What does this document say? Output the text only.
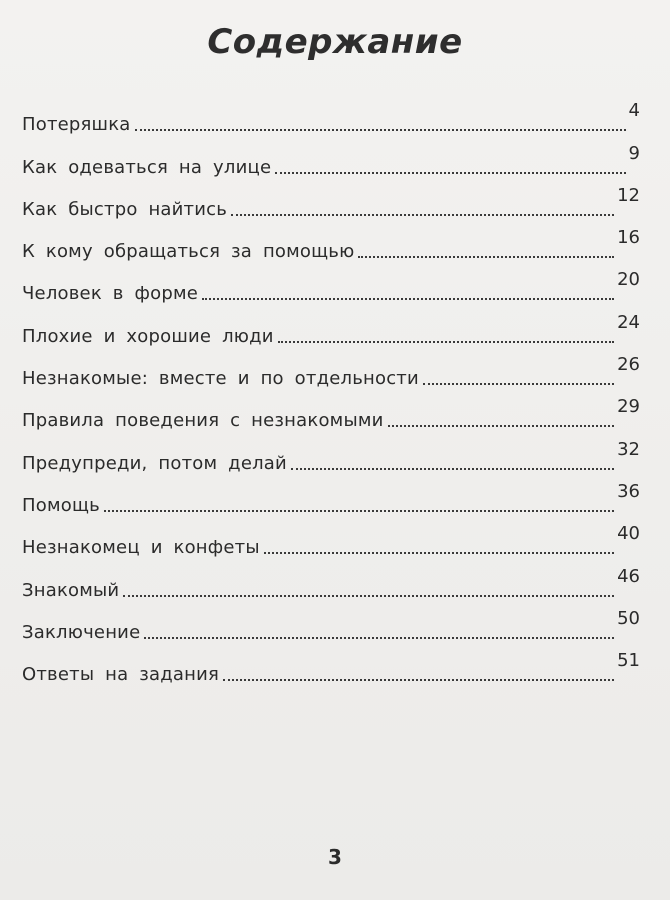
Содержание
Потеряшка
4
Как одеваться на улице
9
Как быстро найтись
12
К кому обращаться за помощью
16
Человек в форме
20
Плохие и хорошие люди
24
Незнакомые: вместе и по отдельности
26
Правила поведения с незнакомыми
29
Предупреди, потом делай
32
Помощь
36
Незнакомец и конфеты
40
Знакомый
46
Заключение
50
Ответы на задания
51
3
